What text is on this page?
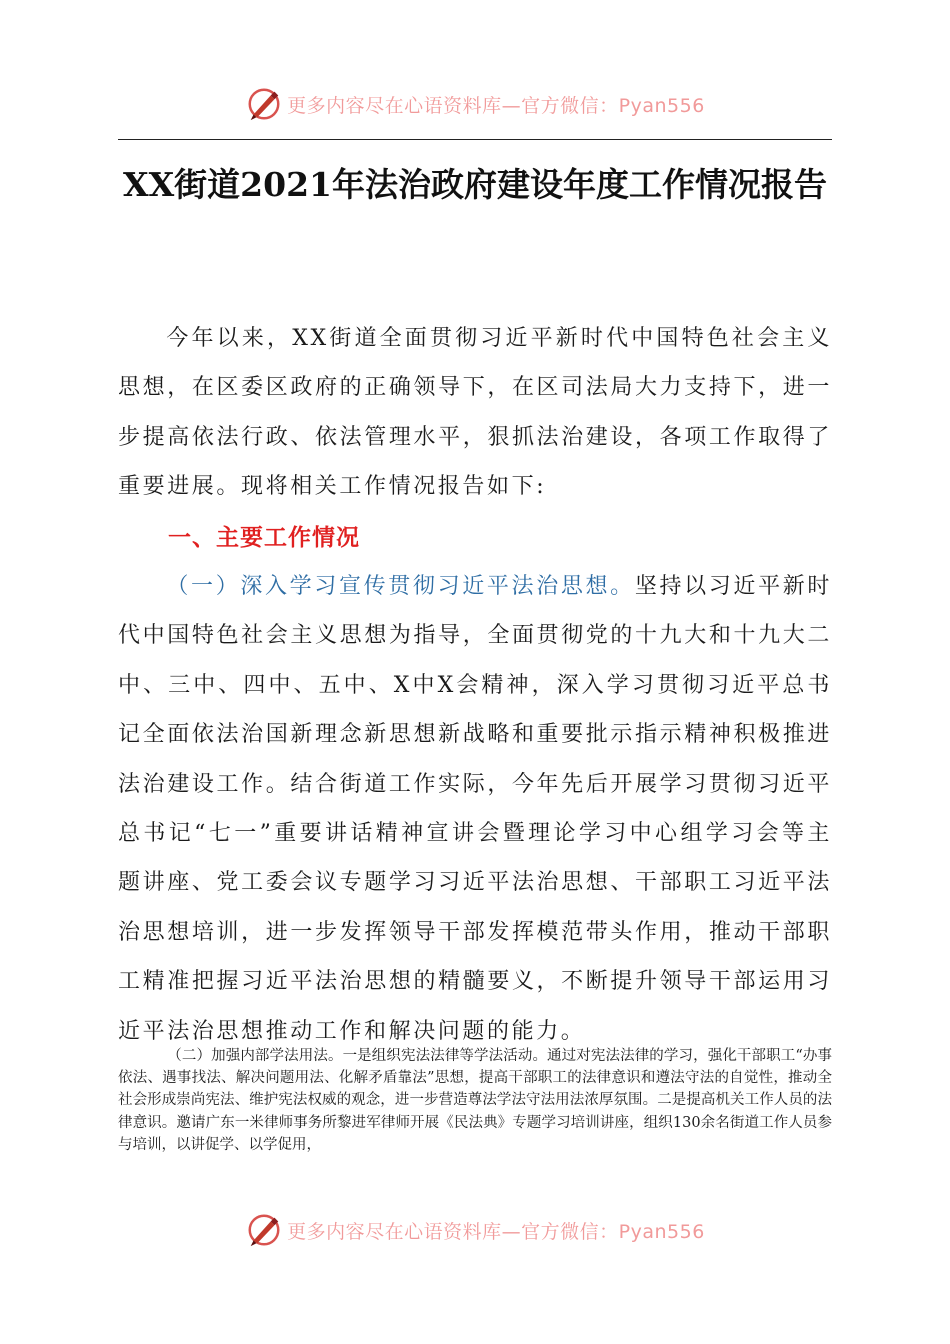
更多内容尽在心语资料库—官方微信：Pyan556
XX街道2021年法治政府建设年度工作情况报告

今年以来，XX街道全面贯彻习近平新时代中国特色社会主义思想，在区委区政府的正确领导下，在区司法局大力支持下，进一步提高依法行政、依法管理水平，狠抓法治建设，各项工作取得了重要进展。现将相关工作情况报告如下:

一、主要工作情况

（一）深入学习宣传贯彻习近平法治思想。坚持以习近平新时代中国特色社会主义思想为指导，全面贯彻党的十九大和十九大二中、三中、四中、五中、X中X会精神，深入学习贯彻习近平总书记全面依法治国新理念新思想新战略和重要批示指示精神积极推进法治建设工作。结合街道工作实际，今年先后开展学习贯彻习近平总书记“七一”重要讲话精神宣讲会暨理论学习中心组学习会等主题讲座、党工委会议专题学习习近平法治思想、干部职工习近平法治思想培训，进一步发挥领导干部发挥模范带头作用，推动干部职工精准把握习近平法治思想的精髓要义，不断提升领导干部运用习近平法治思想推动工作和解决问题的能力。

（二）加强内部学法用法。一是组织宪法法律等学法活动。通过对宪法法律的学习，强化干部职工“办事依法、遇事找法、解决问题用法、化解矛盾靠法”思想，提高干部职工的法律意识和遵法守法的自觉性，推动全社会形成崇尚宪法、维护宪法权威的观念，进一步营造尊法学法守法用法浓厚氛围。二是提高机关工作人员的法律意识。邀请广东一米律师事务所黎进军律师开展《民法典》专题学习培训讲座，组织130余名街道工作人员参与培训，以讲促学、以学促用，

更多内容尽在心语资料库—官方微信：Pyan556
